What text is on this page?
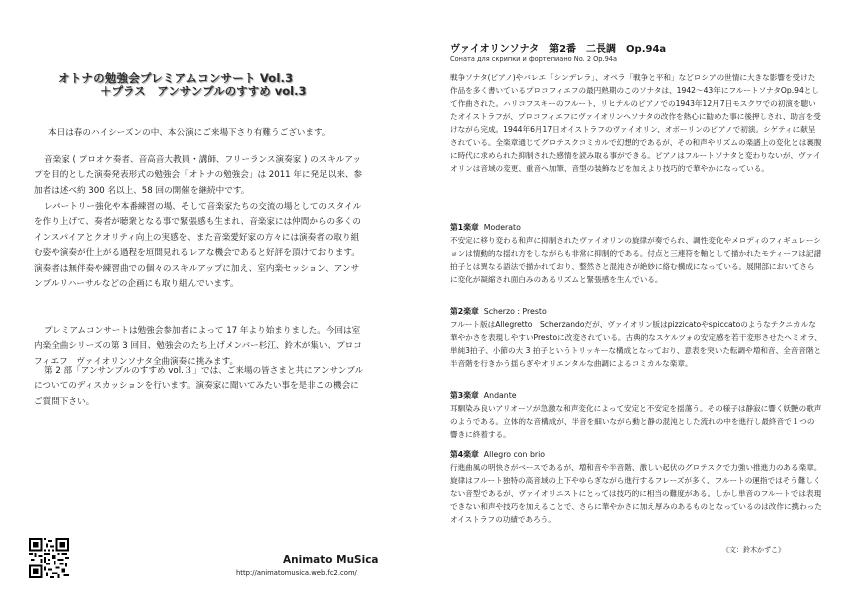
オトナの勉強会プレミアムコンサート Vol.3
＋プラス　アンサンブルのすすめ vol.3

本日は春のハイシーズンの中、本公演にご来場下さり有難うございます。

音楽家 ( プロオケ奏者、音高音大教員・講師、フリーランス演奏家 ) のスキルアップを目的とした演奏発表形式の勉強会「オトナの勉強会」は 2011 年に発足以来、参加者は述べ約 300 名以上、58 回の開催を継続中です。

レパートリー強化や本番練習の場、そして音楽家たちの交流の場としてのスタイルを作り上げて、奏者が聴衆となる事で緊張感も生まれ、音楽家には仲間からの多くのインスパイアとクオリティ向上の実感を、また音楽愛好家の方々には演奏者の取り組む姿や演奏が仕上がる過程を垣間見れるレアな機会であると好評を頂けております。演奏者は無伴奏や練習曲での個々のスキルアップに加え、室内楽セッション、アンサンブルリハーサルなどの企画にも取り組んでいます。

プレミアムコンサートは勉強会参加者によって 17 年より始まりました。今回は室内楽全曲シリーズの第 3 回目、勉強会のたち上げメンバー杉江、鈴木が集い、プロコフィエフ　ヴァイオリンソナタ全曲演奏に挑みます。

第 2 部「アンサンブルのすすめ vol.３」では、ご来場の皆さまと共にアンサンブルについてのディスカッションを行います。演奏家に聞いてみたい事を是非この機会にご質問下さい。

ヴァイオリンソナタ　第2番　二長調　Op.94a
Соната для скрипки и фортепиано No. 2 Op.94a

戦争ソナタ(ピアノ)やバレエ「シンデレラ」、オペラ「戦争と平和」などロシアの世情に大きな影響を受けた作品を多く書いているプロコフィエフの最円熟期のこのソナタは、1942～43年にフルートソナタOp.94として作曲された。ハリコフスキーのフルート、リヒテルのピアノでの1943年12月7日モスクワでの初演を聴いたオイストラフが、プロコフィエフにヴァイオリンへソナタの改作を熱心に勧めた事に後押しされ、助言を受けながら完成。1944年6月17日オイストラフのヴァイオリン、オボーリンのピアノで初演。シゲティに献呈されている。全楽章通じてグロテスクコミカルで幻想的であるが、その和声やリズムの楽譜上の変化とは裏腹に時代に求められた抑制された感情を読み取る事ができる。ピアノはフルートソナタと変わりないが、ヴァイオリンは音域の変更、重音へ加筆、音型の装飾などを加えより技巧的で華やかになっている。

第1楽章 Moderato

不安定に移り変わる和声に抑制されたヴァイオリンの旋律が奏でられ、調性変化やメロディのフィギュレーションは情動的な揺れ方をしながらも非常に抑制的である。付点と三連符を軸として描かれたモティーフは記譜拍子とは異なる語法で描かれており、整然さと混沌さが絶妙に絡む構成になっている。展開部においてさらに変化が凝縮され面白みのあるリズムと緊張感を生んでいる。

第2楽章 Scherzo : Presto

フルート版はAllegretto　Scherzandoだが、ヴァイオリン版はpizzicatoやspiccatoのようなテクニカルな華やかさを表現しやすいPrestoに改変されている。古典的なスケルツォの安定感を若干変形させたヘミオラ、単純3拍子、小節の大 3 拍子というトリッキーな構成となっており、意表を突いた転調や増和音、全音音階と半音階を行きかう揺らぎやオリエンタルな曲調によるコミカルな楽章。

第3楽章 Andante

耳馴染み良いアリオーソが急激な和声変化によって安定と不安定を揺蕩う。その様子は静寂に響く妖艶の歌声のようである。立体的な音構成が、半音を細いながら動と静の混沌とした流れの中を進行し最終音で１つの響きに終着する。

第4楽章 Allegro con brio

行進曲風の明快さがベースであるが、増和音や半音階、激しい起伏のグロテスクで力強い推進力のある楽章。旋律はフルート独特の高音域の上下やゆらぎながら進行するフレーズが多く、フルートの運指ではそう難しくない音型であるが、ヴァイオリニストにとっては技巧的に相当の難度がある。しかし単音のフルートでは表現できない和声や技巧を加えることで、さらに華やかさに加え厚みのあるものとなっているのは改作に携わったオイストラフの功績であろう。

《文：鈴木かずこ》
Animato MuSica
http://animatomusica.web.fc2.com/
